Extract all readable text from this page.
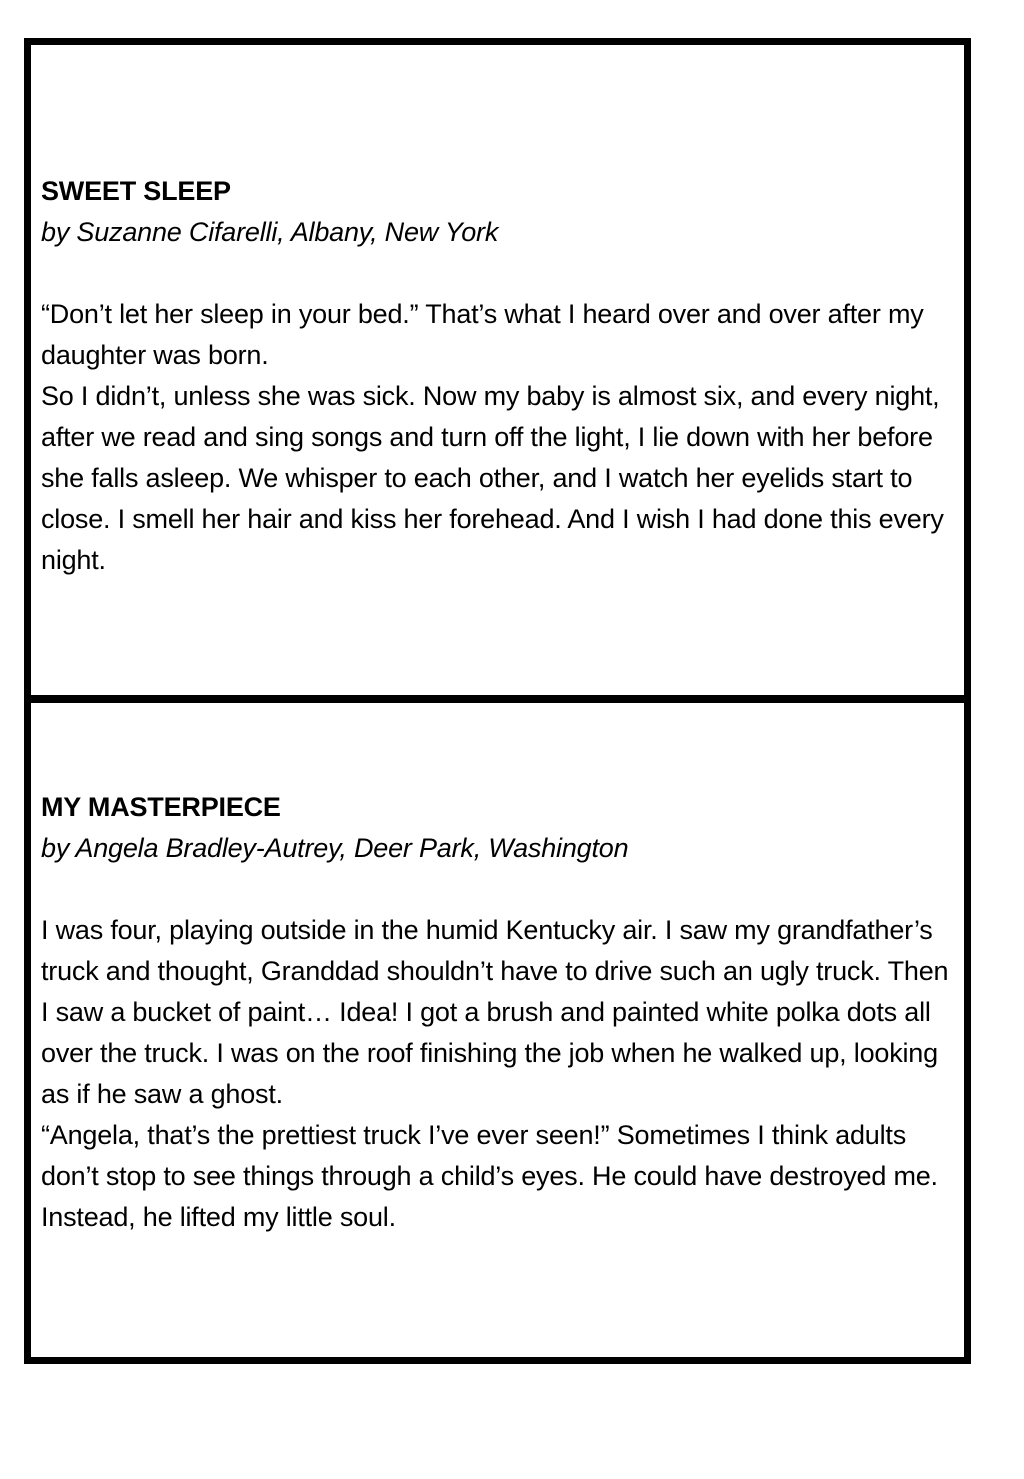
SWEET SLEEP

by Suzanne Cifarelli, Albany, New York

“Don’t let her sleep in your bed.” That’s what I heard over and over after my daughter was born.

So I didn’t, unless she was sick. Now my baby is almost six, and every night, after we read and sing songs and turn off the light, I lie down with her before she falls asleep. We whisper to each other, and I watch her eyelids start to close. I smell her hair and kiss her forehead. And I wish I had done this every night.

MY MASTERPIECE

by Angela Bradley-Autrey, Deer Park, Washington

I was four, playing outside in the humid Kentucky air. I saw my grandfather’s truck and thought, Granddad shouldn’t have to drive such an ugly truck. Then I saw a bucket of paint… Idea! I got a brush and painted white polka dots all over the truck. I was on the roof finishing the job when he walked up, looking as if he saw a ghost.

“Angela, that’s the prettiest truck I’ve ever seen!” Sometimes I think adults don’t stop to see things through a child’s eyes. He could have destroyed me. Instead, he lifted my little soul.
